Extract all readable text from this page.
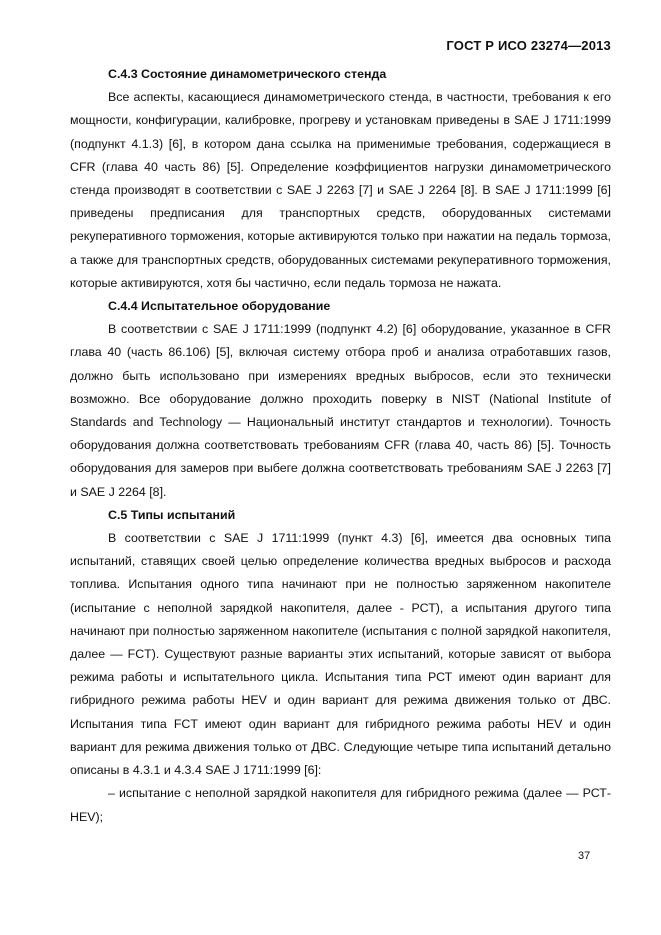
ГОСТ Р ИСО 23274—2013

С.4.3 Состояние динамометрического стенда

Все аспекты, касающиеся динамометрического стенда, в частности, требования к его мощности, конфигурации, калибровке, прогреву и установкам приведены в SAE J 1711:1999 (подпункт 4.1.3) [6], в котором дана ссылка на применимые требования, содержащиеся в CFR (глава 40 часть 86) [5]. Определение коэффициентов нагрузки динамометрического стенда производят в соответствии с SAE J 2263 [7] и SAE J 2264 [8]. В SAE J 1711:1999 [6] приведены предписания для транспортных средств, оборудованных системами рекуперативного торможения, которые активируются только при нажатии на педаль тормоза, а также для транспортных средств, оборудованных системами рекуперативного торможения, которые активируются, хотя бы частично, если педаль тормоза не нажата.

С.4.4 Испытательное оборудование

В соответствии с SAE J 1711:1999 (подпункт 4.2) [6] оборудование, указанное в CFR глава 40 (часть 86.106) [5], включая систему отбора проб и анализа отработавших газов, должно быть использовано при измерениях вредных выбросов, если это технически возможно. Все оборудование должно проходить поверку в NIST (National Institute of Standards and Technology — Национальный институт стандартов и технологии). Точность оборудования должна соответствовать требованиям CFR (глава 40, часть 86) [5]. Точность оборудования для замеров при выбеге должна соответствовать требованиям SAE J 2263 [7] и SAE J 2264 [8].

С.5 Типы испытаний

В соответствии с SAE J 1711:1999 (пункт 4.3) [6], имеется два основных типа испытаний, ставящих своей целью определение количества вредных выбросов и расхода топлива. Испытания одного типа начинают при не полностью заряженном накопителе (испытание с неполной зарядкой накопителя, далее - РСТ), а испытания другого типа начинают при полностью заряженном накопителе (испытания с полной зарядкой накопителя, далее — FCT). Существуют разные варианты этих испытаний, которые зависят от выбора режима работы и испытательного цикла. Испытания типа РСТ имеют один вариант для гибридного режима работы HEV и один вариант для режима движения только от ДВС. Испытания типа FCT имеют один вариант для гибридного режима работы HEV и один вариант для режима движения только от ДВС. Следующие четыре типа испытаний детально описаны в 4.3.1 и 4.3.4 SAE J 1711:1999 [6]:

– испытание с неполной зарядкой накопителя для гибридного режима (далее — РСТ-HEV);

37
